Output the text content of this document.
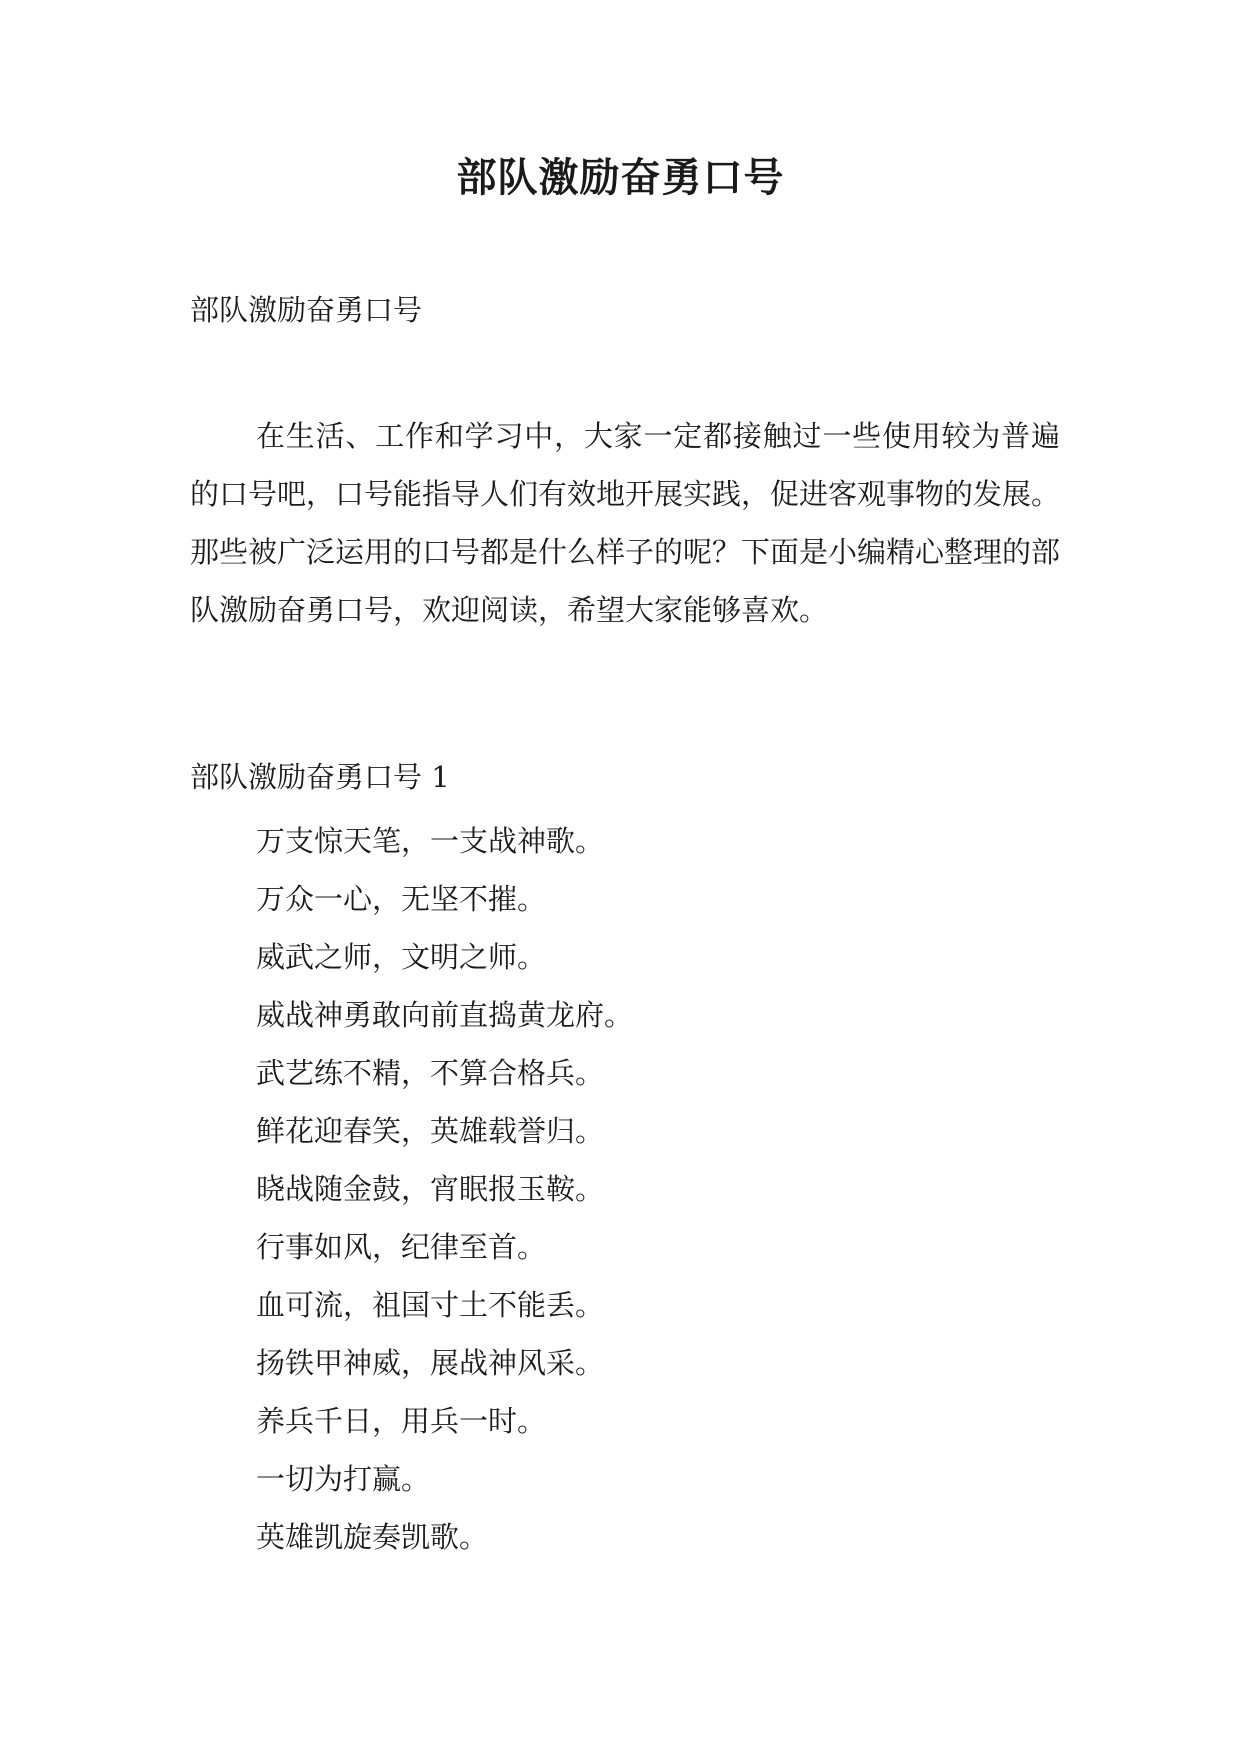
部队激励奋勇口号
部队激励奋勇口号

在生活、工作和学习中，大家一定都接触过一些使用较为普遍的口号吧，口号能指导人们有效地开展实践，促进客观事物的发展。那些被广泛运用的口号都是什么样子的呢？下面是小编精心整理的部队激励奋勇口号，欢迎阅读，希望大家能够喜欢。

部队激励奋勇口号 1
万支惊天笔，一支战神歌。
万众一心，无坚不摧。
威武之师，文明之师。
威战神勇敢向前直捣黄龙府。
武艺练不精，不算合格兵。
鲜花迎春笑，英雄载誉归。
晓战随金鼓，宵眠报玉鞍。
行事如风，纪律至首。
血可流，祖国寸土不能丢。
扬铁甲神威，展战神风采。
养兵千日，用兵一时。
一切为打赢。
英雄凯旋奏凯歌。
